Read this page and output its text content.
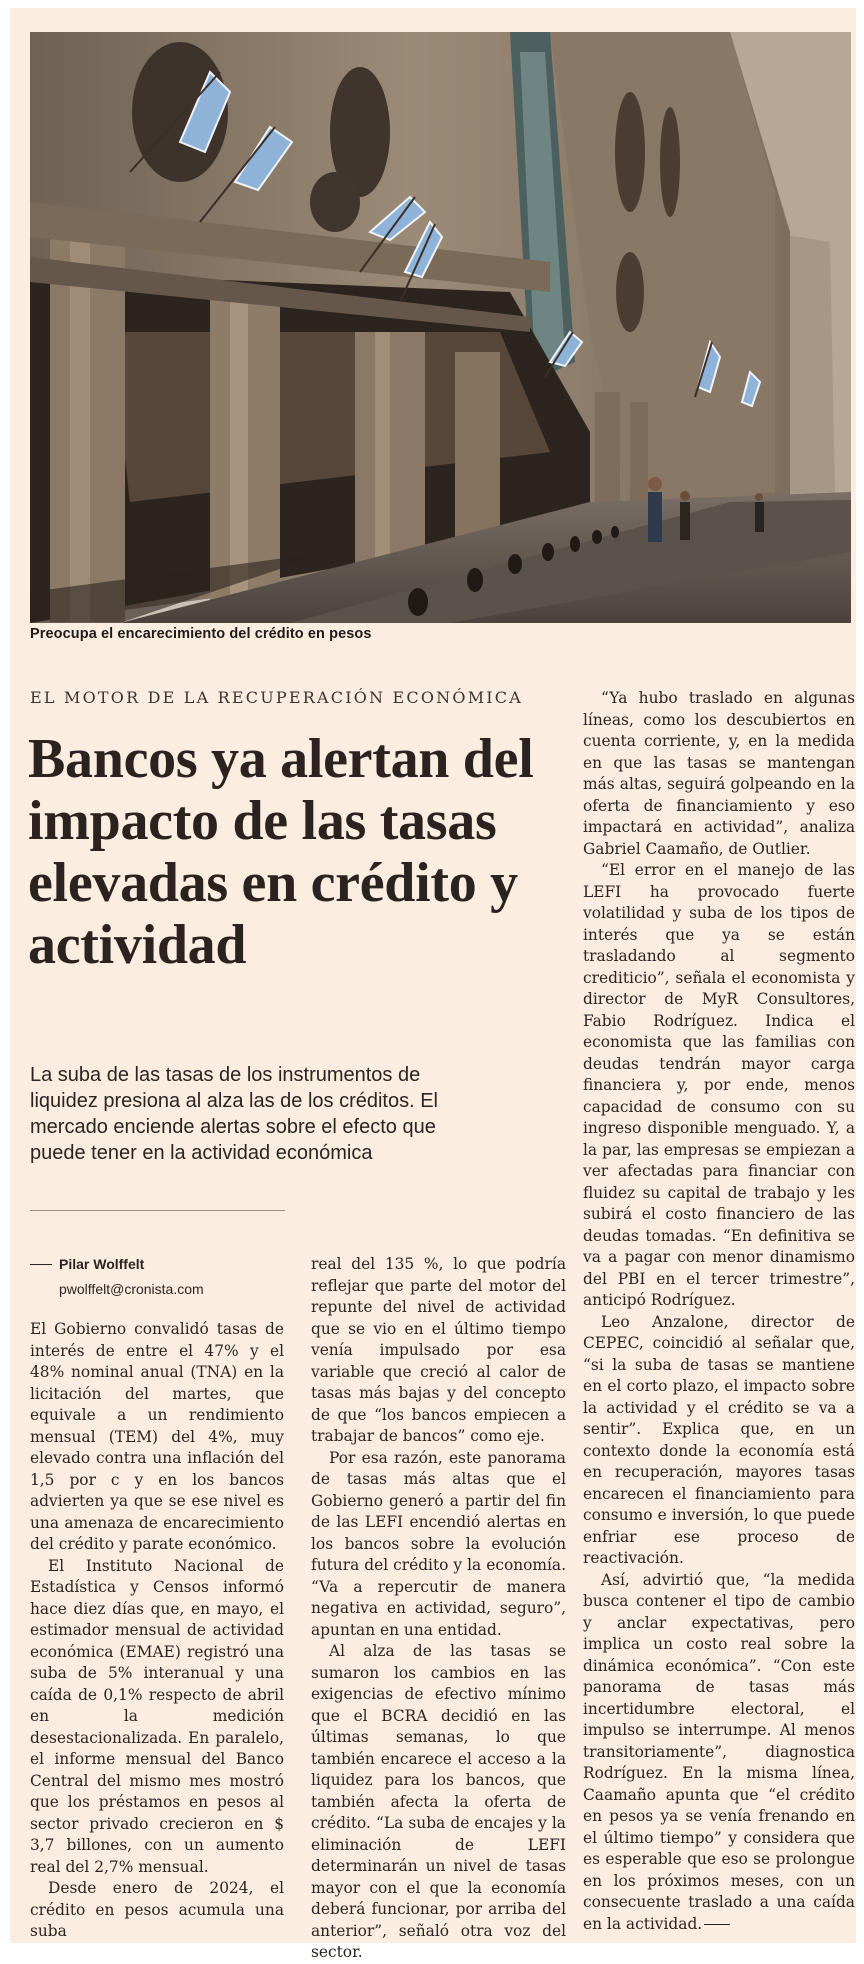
Preocupa el encarecimiento del crédito en pesos
EL MOTOR DE LA RECUPERACIÓN ECONÓMICA
Bancos ya alertan del impacto de las tasas elevadas en crédito y actividad
La suba de las tasas de los instrumentos de liquidez presiona al alza las de los créditos. El mercado enciende alertas sobre el efecto que puede tener en la actividad económica
Pilar Wolffelt
pwolffelt@cronista.com

El Gobierno convalidó tasas de interés de entre el 47% y el 48% nominal anual (TNA) en la licitación del martes, que equivale a un rendimiento mensual (TEM) del 4%, muy elevado contra una inflación del 1,5 por c y en los bancos advierten ya que se ese nivel es una amenaza de encarecimiento del crédito y parate económico.

El Instituto Nacional de Estadística y Censos informó hace diez días que, en mayo, el estimador mensual de actividad económica (EMAE) registró una suba de 5% interanual y una caída de 0,1% respecto de abril en la medición desestacionalizada. En paralelo, el informe mensual del Banco Central del mismo mes mostró que los préstamos en pesos al sector privado crecieron en $ 3,7 billones, con un aumento real del 2,7% mensual.

Desde enero de 2024, el crédito en pesos acumula una suba

real del 135 %, lo que podría reflejar que parte del motor del repunte del nivel de actividad que se vio en el último tiempo venía impulsado por esa variable que creció al calor de tasas más bajas y del concepto de que “los bancos empiecen a trabajar de bancos” como eje.

Por esa razón, este panorama de tasas más altas que el Gobierno generó a partir del fin de las LEFI encendió alertas en los bancos sobre la evolución futura del crédito y la economía. “Va a repercutir de manera negativa en actividad, seguro”, apuntan en una entidad.

Al alza de las tasas se sumaron los cambios en las exigencias de efectivo mínimo que el BCRA decidió en las últimas semanas, lo que también encarece el acceso a la liquidez para los bancos, que también afecta la oferta de crédito. “La suba de encajes y la eliminación de LEFI determinarán un nivel de tasas mayor con el que la economía deberá funcionar, por arriba del anterior”, señaló otra voz del sector.

“Ya hubo traslado en algunas líneas, como los descubiertos en cuenta corriente, y, en la medida en que las tasas se mantengan más altas, seguirá golpeando en la oferta de financiamiento y eso impactará en actividad”, analiza Gabriel Caamaño, de Outlier.

“El error en el manejo de las LEFI ha provocado fuerte volatilidad y suba de los tipos de interés que ya se están trasladando al segmento crediticio”, señala el economista y director de MyR Consultores, Fabio Rodríguez. Indica el economista que las familias con deudas tendrán mayor carga financiera y, por ende, menos capacidad de consumo con su ingreso disponible menguado. Y, a la par, las empresas se empiezan a ver afectadas para financiar con fluidez su capital de trabajo y les subirá el costo financiero de las deudas tomadas. “En definitiva se va a pagar con menor dinamismo del PBI en el tercer trimestre”, anticipó Rodríguez.

Leo Anzalone, director de CEPEC, coincidió al señalar que, “si la suba de tasas se mantiene en el corto plazo, el impacto sobre la actividad y el crédito se va a sentir”. Explica que, en un contexto donde la economía está en recuperación, mayores tasas encarecen el financiamiento para consumo e inversión, lo que puede enfriar ese proceso de reactivación.

Así, advirtió que, “la medida busca contener el tipo de cambio y anclar expectativas, pero implica un costo real sobre la dinámica económica”. “Con este panorama de tasas más incertidumbre electoral, el impulso se interrumpe. Al menos transitoriamente”, diagnostica Rodríguez. En la misma línea, Caamaño apunta que “el crédito en pesos ya se venía frenando en el último tiempo” y considera que es esperable que eso se prolongue en los próximos meses, con un consecuente traslado a una caída en la actividad.
